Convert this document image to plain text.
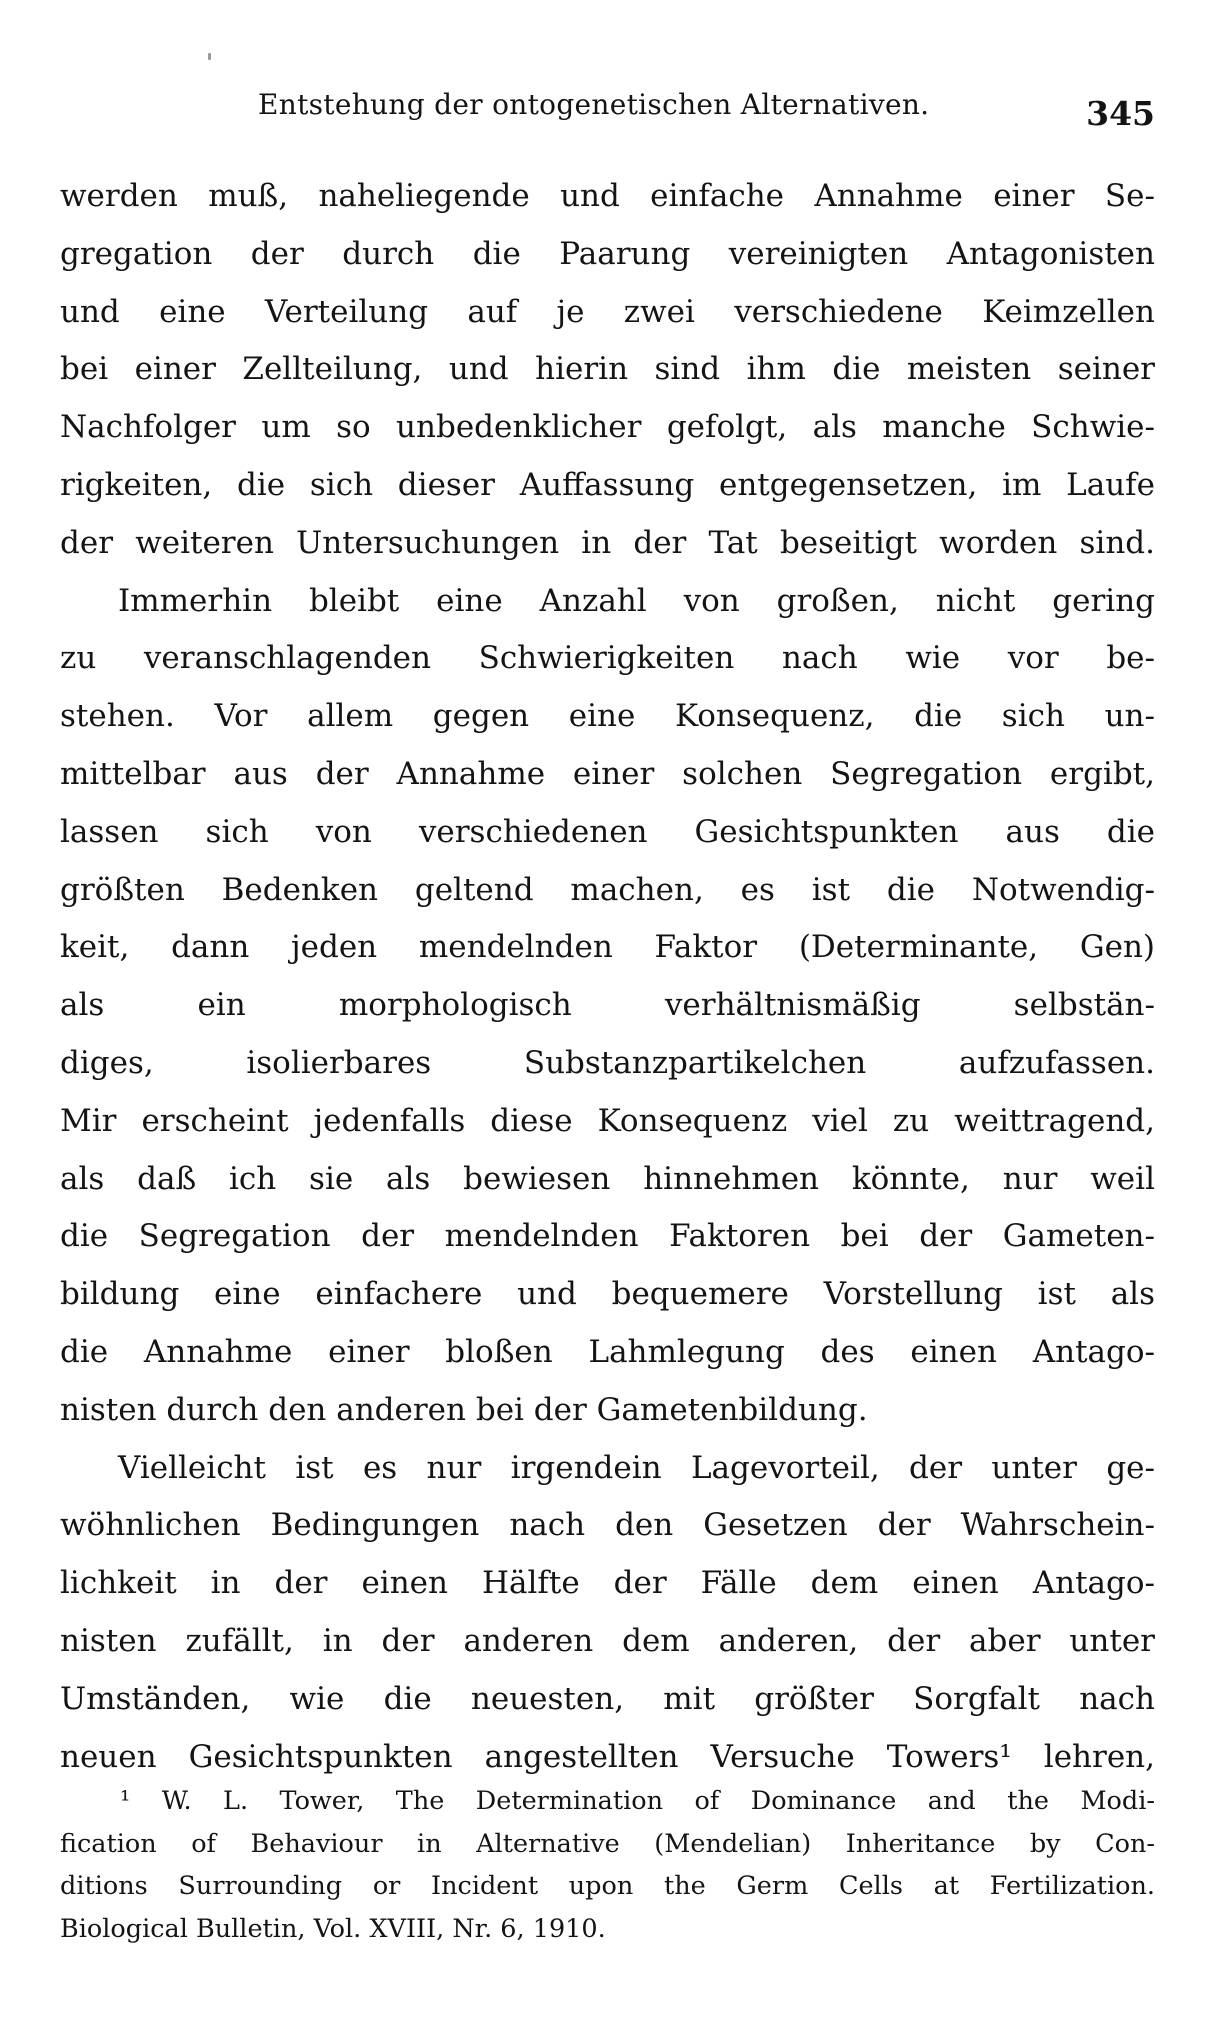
Entstehung der ontogenetischen Alternativen.	345
werden muß, naheliegende und einfache Annahme einer Se-
gregation der durch die Paarung vereinigten Antagonisten
und eine Verteilung auf je zwei verschiedene Keimzellen
bei einer Zellteilung, und hierin sind ihm die meisten seiner
Nachfolger um so unbedenklicher gefolgt, als manche Schwie-
rigkeiten, die sich dieser Auffassung entgegensetzen, im Laufe
der weiteren Untersuchungen in der Tat beseitigt worden sind.
Immerhin bleibt eine Anzahl von großen, nicht gering
zu veranschlagenden Schwierigkeiten nach wie vor be-
stehen. Vor allem gegen eine Konsequenz, die sich un-
mittelbar aus der Annahme einer solchen Segregation ergibt,
lassen sich von verschiedenen Gesichtspunkten aus die
größten Bedenken geltend machen, es ist die Notwendig-
keit, dann jeden mendelnden Faktor (Determinante, Gen)
als ein morphologisch verhältnismäßig selbstän-
diges, isolierbares Substanzpartikelchen aufzufassen.
Mir erscheint jedenfalls diese Konsequenz viel zu weittragend,
als daß ich sie als bewiesen hinnehmen könnte, nur weil
die Segregation der mendelnden Faktoren bei der Gameten-
bildung eine einfachere und bequemere Vorstellung ist als
die Annahme einer bloßen Lahmlegung des einen Antago-
nisten durch den anderen bei der Gametenbildung.
Vielleicht ist es nur irgendein Lagevorteil, der unter ge-
wöhnlichen Bedingungen nach den Gesetzen der Wahrschein-
lichkeit in der einen Hälfte der Fälle dem einen Antago-
nisten zufällt, in der anderen dem anderen, der aber unter
Umständen, wie die neuesten, mit größter Sorgfalt nach
neuen Gesichtspunkten angestellten Versuche Towers¹ lehren,
¹ W. L. Tower, The Determination of Dominance and the Modi-
fication of Behaviour in Alternative (Mendelian) Inheritance by Con-
ditions Surrounding or Incident upon the Germ Cells at Fertilization.
Biological Bulletin, Vol. XVIII, Nr. 6, 1910.
